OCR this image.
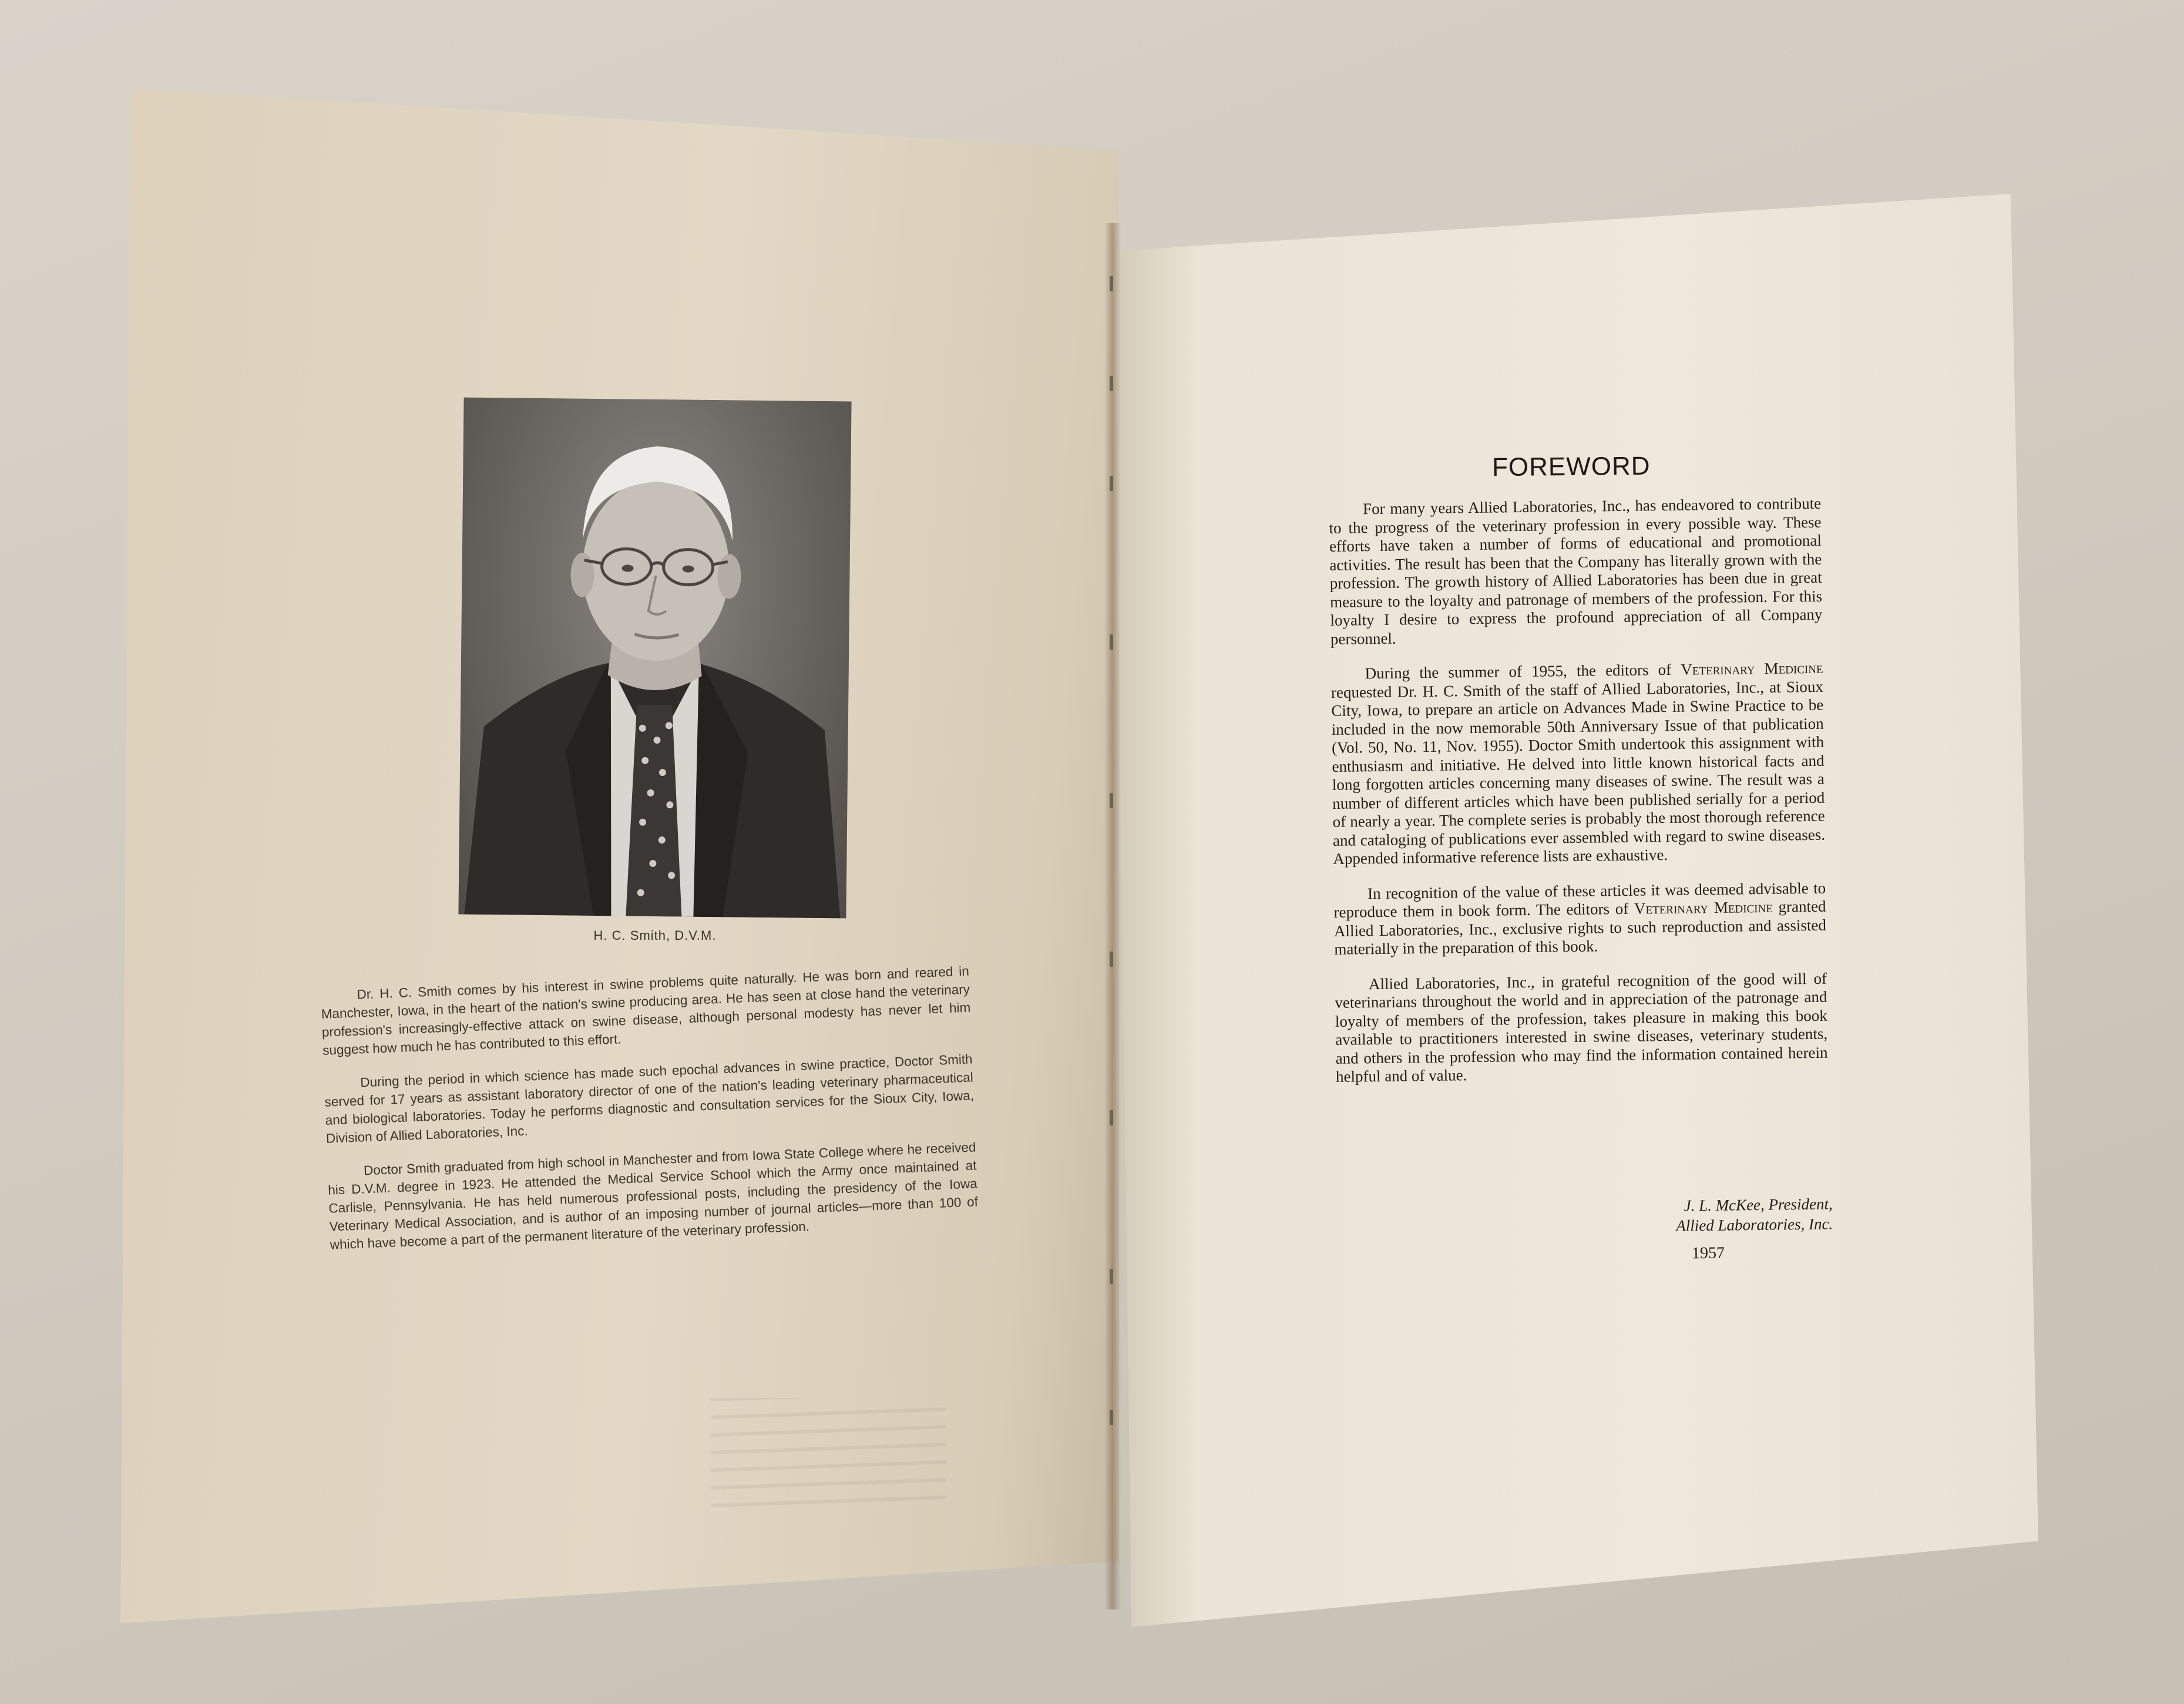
H. C. Smith, D.V.M.

Dr. H. C. Smith comes by his interest in swine problems quite naturally. He was born and reared in Manchester, Iowa, in the heart of the nation's swine producing area. He has seen at close hand the veterinary profession's increasingly-effective attack on swine disease, although personal modesty has never let him suggest how much he has contributed to this effort.

During the period in which science has made such epochal advances in swine practice, Doctor Smith served for 17 years as assistant laboratory director of one of the nation's leading veterinary pharmaceutical and biological laboratories. Today he performs diagnostic and consultation services for the Sioux City, Iowa, Division of Allied Laboratories, Inc.

Doctor Smith graduated from high school in Manchester and from Iowa State College where he received his D.V.M. degree in 1923. He attended the Medical Service School which the Army once maintained at Carlisle, Pennsylvania. He has held numerous professional posts, including the presidency of the Iowa Veterinary Medical Association, and is author of an imposing number of journal articles—more than 100 of which have become a part of the permanent literature of the veterinary profession.

FOREWORD

For many years Allied Laboratories, Inc., has endeavored to contribute to the progress of the veterinary profession in every possible way. These efforts have taken a number of forms of educational and promotional activities. The result has been that the Company has literally grown with the profession. The growth history of Allied Laboratories has been due in great measure to the loyalty and patronage of members of the profession. For this loyalty I desire to express the profound appreciation of all Company personnel.

During the summer of 1955, the editors of Veterinary Medicine requested Dr. H. C. Smith of the staff of Allied Laboratories, Inc., at Sioux City, Iowa, to prepare an article on Advances Made in Swine Practice to be included in the now memorable 50th Anniversary Issue of that publication (Vol. 50, No. 11, Nov. 1955). Doctor Smith undertook this assignment with enthusiasm and initiative. He delved into little known historical facts and long forgotten articles concerning many diseases of swine. The result was a number of different articles which have been published serially for a period of nearly a year. The complete series is probably the most thorough reference and cataloging of publications ever assembled with regard to swine diseases. Appended informative reference lists are exhaustive.

In recognition of the value of these articles it was deemed advisable to reproduce them in book form. The editors of Veterinary Medicine granted Allied Laboratories, Inc., exclusive rights to such reproduction and assisted materially in the preparation of this book.

Allied Laboratories, Inc., in grateful recognition of the good will of veterinarians throughout the world and in appreciation of the patronage and loyalty of members of the profession, takes pleasure in making this book available to practitioners interested in swine diseases, veterinary students, and others in the profession who may find the information contained herein helpful and of value.

J. L. McKee, President,
Allied Laboratories, Inc.
1957
